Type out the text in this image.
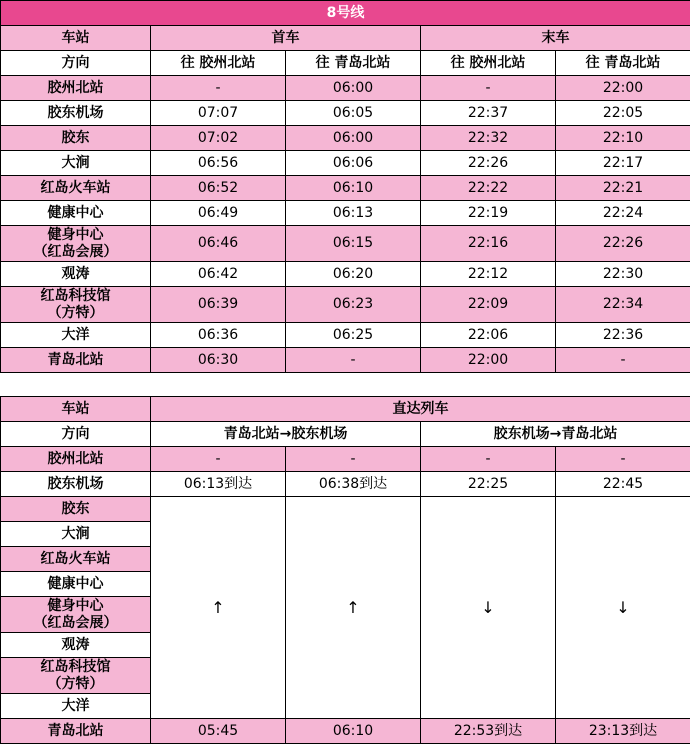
8号线				
车站	首车		末车	
方向	往 胶州北站	往 青岛北站	往 胶州北站	往 青岛北站
胶州北站	-	06:00	-	22:00
胶东机场	07:07	06:05	22:37	22:05
胶东	07:02	06:00	22:32	22:10
大涧	06:56	06:06	22:26	22:17
红岛火车站	06:52	06:10	22:22	22:21
健康中心	06:49	06:13	22:19	22:24
健身中心
（红岛会展）	06:46	06:15	22:16	22:26
观涛	06:42	06:20	22:12	22:30
红岛科技馆
（方特）	06:39	06:23	22:09	22:34
大洋	06:36	06:25	22:06	22:36
青岛北站	06:30	-	22:00	-
车站	直达列车			
方向	青岛北站→胶东机场		胶东机场→青岛北站	
胶州北站	-	-	-	-
胶东机场	06:13到达	06:38到达	22:25	22:45
胶东	↑	↑	↓	↓
大涧				
红岛火车站				
健康中心				
健身中心
（红岛会展）				
观涛				
红岛科技馆
（方特）				
大洋				
青岛北站	05:45	06:10	22:53到达	23:13到达
